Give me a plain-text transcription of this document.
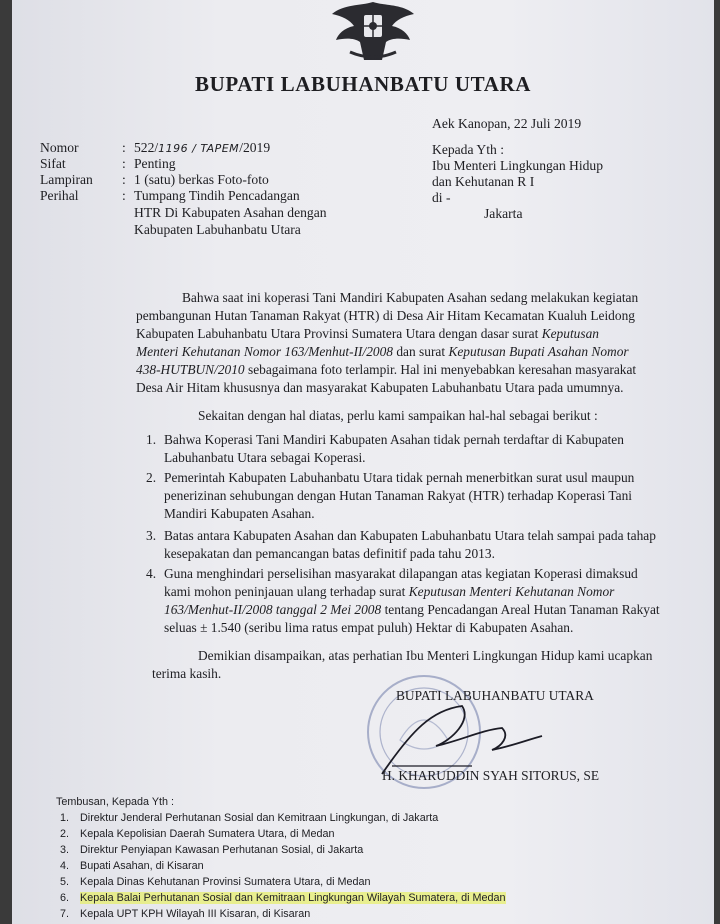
BUPATI LABUHANBATU UTARA
Aek Kanopan, 22 Juli 2019
Nomor	: 522/1196 / TAPEM/2019
Sifat	: Penting
Lampiran	: 1 (satu) berkas Foto-foto
Perihal	: Tumpang Tindih Pencadangan
HTR Di Kabupaten Asahan dengan
Kabupaten Labuhanbatu Utara
Kepada Yth :
Ibu Menteri Lingkungan Hidup
dan Kehutanan R I
di -
Jakarta
Bahwa saat ini koperasi Tani Mandiri Kabupaten Asahan sedang melakukan kegiatan
pembangunan Hutan Tanaman Rakyat (HTR) di Desa Air Hitam Kecamatan Kualuh Leidong
Kabupaten Labuhanbatu Utara Provinsi Sumatera Utara dengan dasar surat Keputusan
Menteri Kehutanan Nomor 163/Menhut-II/2008 dan surat Keputusan Bupati Asahan Nomor
438-HUTBUN/2010 sebagaimana foto terlampir. Hal ini menyebabkan keresahan masyarakat
Desa Air Hitam khususnya dan masyarakat Kabupaten Labuhanbatu Utara pada umumnya.
Sekaitan dengan hal diatas, perlu kami sampaikan hal-hal sebagai berikut :
1. Bahwa Koperasi Tani Mandiri Kabupaten Asahan tidak pernah terdaftar di Kabupaten
Labuhanbatu Utara sebagai Koperasi.
2. Pemerintah Kabupaten Labuhanbatu Utara tidak pernah menerbitkan surat usul maupun
penerizinan sehubungan dengan Hutan Tanaman Rakyat (HTR) terhadap Koperasi Tani
Mandiri Kabupaten Asahan.
3. Batas antara Kabupaten Asahan dan Kabupaten Labuhanbatu Utara telah sampai pada tahap
kesepakatan dan pemancangan batas definitif pada tahu 2013.
4. Guna menghindari perselisihan masyarakat dilapangan atas kegiatan Koperasi dimaksud
kami mohon peninjauan ulang terhadap surat Keputusan Menteri Kehutanan Nomor
163/Menhut-II/2008 tanggal 2 Mei 2008 tentang Pencadangan Areal Hutan Tanaman Rakyat
seluas ± 1.540 (seribu lima ratus empat puluh) Hektar di Kabupaten Asahan.
Demikian disampaikan, atas perhatian Ibu Menteri Lingkungan Hidup kami ucapkan
terima kasih.
BUPATI LABUHANBATU UTARA
H. KHARUDDIN SYAH SITORUS, SE
Tembusan, Kepada Yth :
1. Direktur Jenderal Perhutanan Sosial dan Kemitraan Lingkungan, di Jakarta
2. Kepala Kepolisian Daerah Sumatera Utara, di Medan
3. Direktur Penyiapan Kawasan Perhutanan Sosial, di Jakarta
4. Bupati Asahan, di Kisaran
5. Kepala Dinas Kehutanan Provinsi Sumatera Utara, di Medan
6. Kepala Balai Perhutanan Sosial dan Kemitraan Lingkungan Wilayah Sumatera, di Medan
7. Kepala UPT KPH Wilayah III Kisaran, di Kisaran
